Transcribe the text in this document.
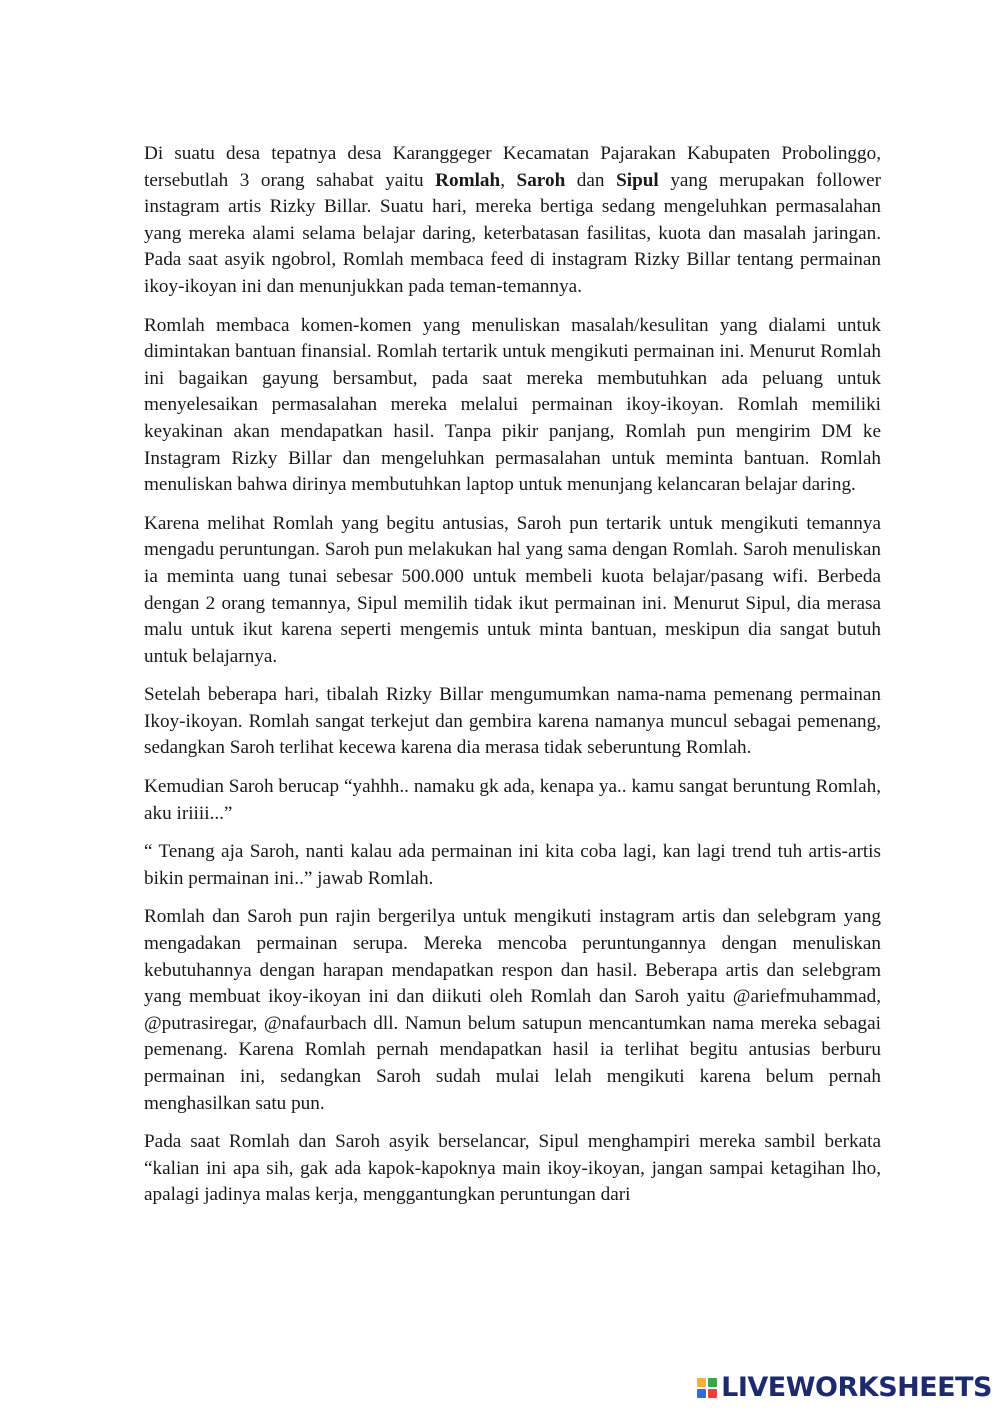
Di suatu desa tepatnya desa Karanggeger Kecamatan Pajarakan Kabupaten Probolinggo, tersebutlah 3 orang sahabat yaitu Romlah, Saroh dan Sipul yang merupakan follower instagram artis Rizky Billar. Suatu hari, mereka bertiga sedang mengeluhkan permasalahan yang mereka alami selama belajar daring, keterbatasan fasilitas, kuota dan masalah jaringan. Pada saat asyik ngobrol, Romlah membaca feed di instagram Rizky Billar tentang permainan ikoy-ikoyan ini dan menunjukkan pada teman-temannya.

Romlah membaca komen-komen yang menuliskan masalah/kesulitan yang dialami untuk dimintakan bantuan finansial. Romlah tertarik untuk mengikuti permainan ini. Menurut Romlah ini bagaikan gayung bersambut, pada saat mereka membutuhkan ada peluang untuk menyelesaikan permasalahan mereka melalui permainan ikoy-ikoyan. Romlah memiliki keyakinan akan mendapatkan hasil. Tanpa pikir panjang, Romlah pun mengirim DM ke Instagram Rizky Billar dan mengeluhkan permasalahan untuk meminta bantuan. Romlah menuliskan bahwa dirinya membutuhkan laptop untuk menunjang kelancaran belajar daring.

Karena melihat Romlah yang begitu antusias, Saroh pun tertarik untuk mengikuti temannya mengadu peruntungan. Saroh pun melakukan hal yang sama dengan Romlah. Saroh menuliskan ia meminta uang tunai sebesar 500.000 untuk membeli kuota belajar/pasang wifi. Berbeda dengan 2 orang temannya, Sipul memilih tidak ikut permainan ini. Menurut Sipul, dia merasa malu untuk ikut karena seperti mengemis untuk minta bantuan, meskipun dia sangat butuh untuk belajarnya.

Setelah beberapa hari, tibalah Rizky Billar mengumumkan nama-nama pemenang permainan Ikoy-ikoyan. Romlah sangat terkejut dan gembira karena namanya muncul sebagai pemenang, sedangkan Saroh terlihat kecewa karena dia merasa tidak seberuntung Romlah.

Kemudian Saroh berucap “yahhh.. namaku gk ada, kenapa ya.. kamu sangat beruntung Romlah, aku iriiii...”

“ Tenang aja Saroh, nanti kalau ada permainan ini kita coba lagi, kan lagi trend tuh artis-artis bikin permainan ini..” jawab Romlah.

Romlah dan Saroh pun rajin bergerilya untuk mengikuti instagram artis dan selebgram yang mengadakan permainan serupa. Mereka mencoba peruntungannya dengan menuliskan kebutuhannya dengan harapan mendapatkan respon dan hasil. Beberapa artis dan selebgram yang membuat ikoy-ikoyan ini dan diikuti oleh Romlah dan Saroh yaitu @ariefmuhammad, @putrasiregar, @nafaurbach dll. Namun belum satupun mencantumkan nama mereka sebagai pemenang. Karena Romlah pernah mendapatkan hasil ia terlihat begitu antusias berburu permainan ini, sedangkan Saroh sudah mulai lelah mengikuti karena belum pernah menghasilkan satu pun.

Pada saat Romlah dan Saroh asyik berselancar, Sipul menghampiri mereka sambil berkata “kalian ini apa sih, gak ada kapok-kapoknya main ikoy-ikoyan, jangan sampai ketagihan lho, apalagi jadinya malas kerja, menggantungkan peruntungan dari

LIVEWORKSHEETS
